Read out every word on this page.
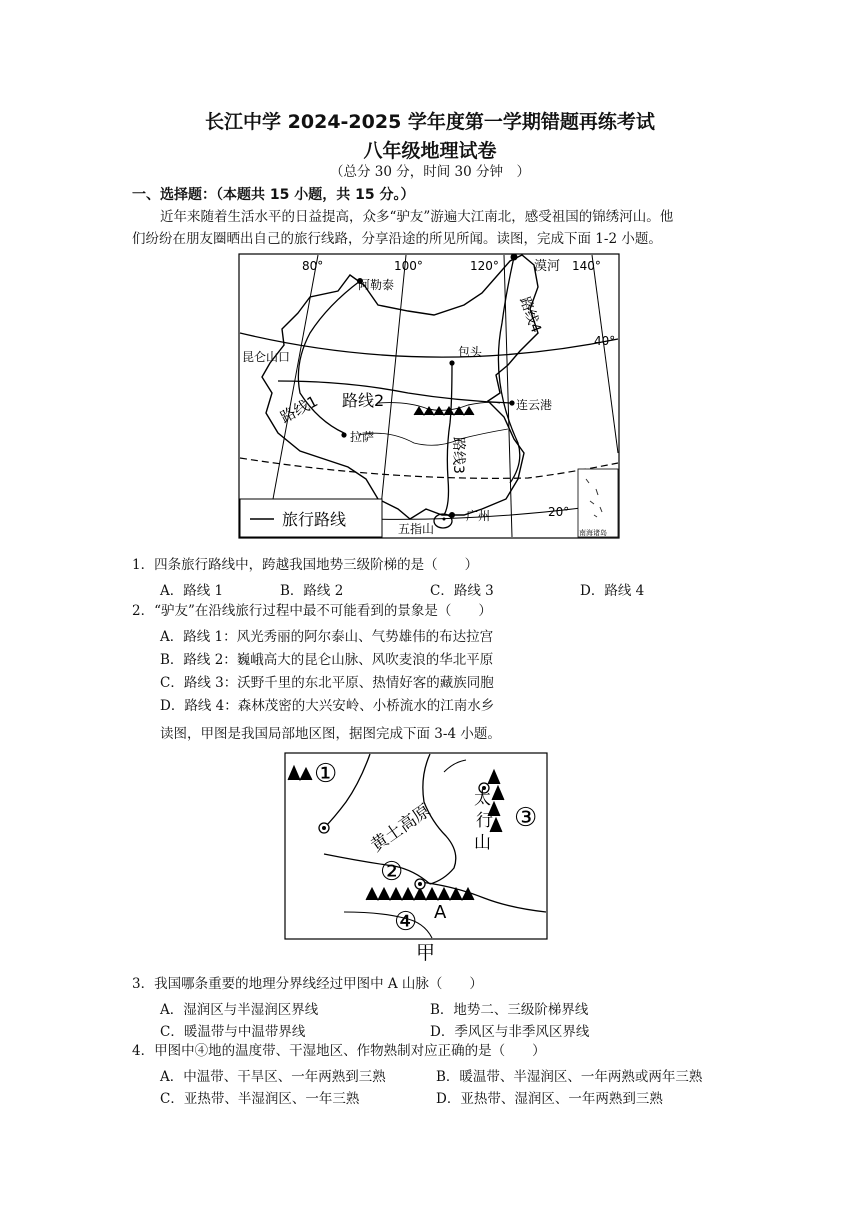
长江中学 2024-2025 学年度第一学期错题再练考试
八年级地理试卷
（总分 30 分，时间 30 分钟　）
一、选择题：（本题共 15 小题，共 15 分。）
近年来随着生活水平的日益提高，众多“驴友”游遍大江南北，感受祖国的锦绣河山。他
们纷纷在朋友圈晒出自己的旅行线路，分享沿途的所见所闻。读图，完成下面 1-2 小题。
80°	100°	120°	140°
40°
20°
阿勒泰
漠河
昆仑山口	包头
连云港
拉萨
广州
五指山
路线1 路线2
路线3
路线4
旅行路线
南海诸岛
1．四条旅行路线中，跨越我国地势三级阶梯的是（　　）
A．路线 1	B．路线 2	C．路线 3	D．路线 4
2．“驴友”在沿线旅行过程中最不可能看到的景象是（　　）
A．路线 1：风光秀丽的阿尔泰山、气势雄伟的布达拉宫
B．路线 2：巍峨高大的昆仑山脉、风吹麦浪的华北平原
C．路线 3：沃野千里的东北平原、热情好客的藏族同胞
D．路线 4：森林茂密的大兴安岭、小桥流水的江南水乡
读图，甲图是我国局部地区图，据图完成下面 3-4 小题。
①
②
③
④
黄土高原
太
行
山
A
甲
3．我国哪条重要的地理分界线经过甲图中 A 山脉（　　）
A．湿润区与半湿润区界线	B．地势二、三级阶梯界线
C．暖温带与中温带界线	D．季风区与非季风区界线
4．甲图中④地的温度带、干湿地区、作物熟制对应正确的是（　　）
A．中温带、干旱区、一年两熟到三熟	B．暖温带、半湿润区、一年两熟或两年三熟
C．亚热带、半湿润区、一年三熟	D．亚热带、湿润区、一年两熟到三熟
